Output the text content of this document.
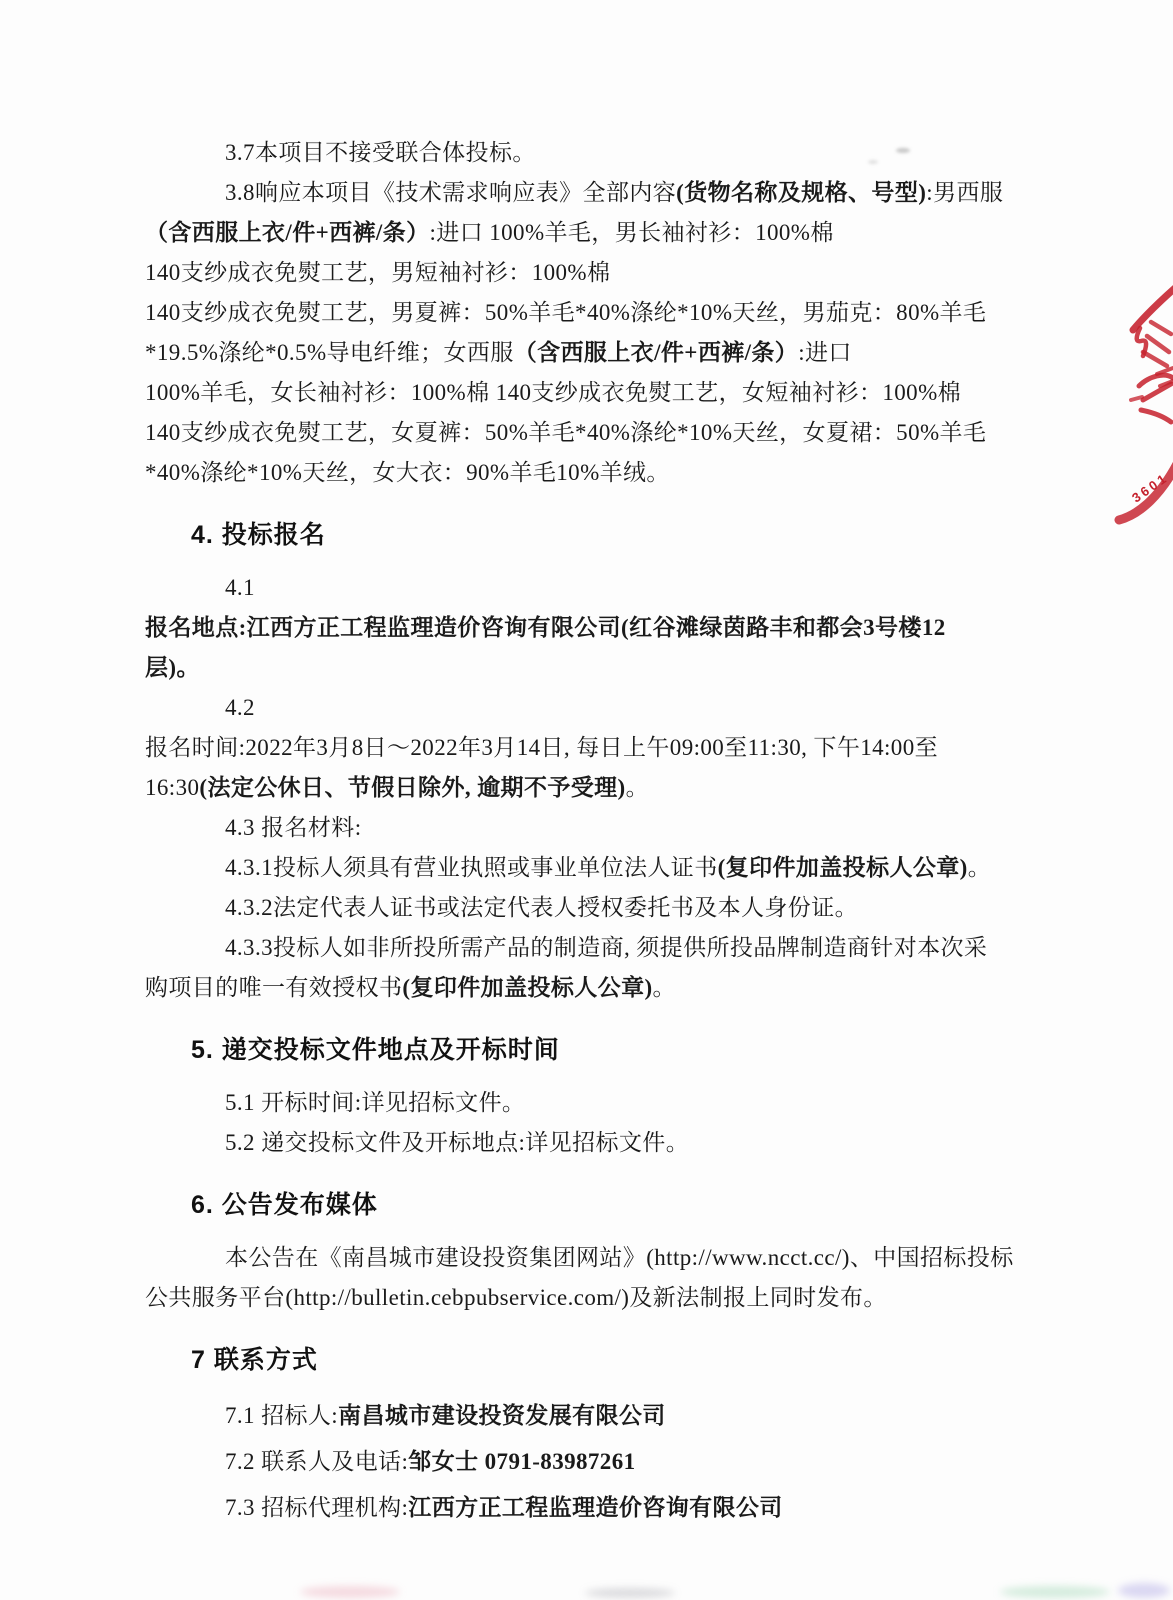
3.7本项目不接受联合体投标。
3.8响应本项目《技术需求响应表》全部内容(货物名称及规格、号型):男西服
（含西服上衣/件+西裤/条）:进口 100%羊毛，男长袖衬衫：100%棉
140支纱成衣免熨工艺，男短袖衬衫：100%棉
140支纱成衣免熨工艺，男夏裤：50%羊毛*40%涤纶*10%天丝，男茄克：80%羊毛
*19.5%涤纶*0.5%导电纤维；女西服（含西服上衣/件+西裤/条）:进口
100%羊毛，女长袖衬衫：100%棉 140支纱成衣免熨工艺，女短袖衬衫：100%棉
140支纱成衣免熨工艺，女夏裤：50%羊毛*40%涤纶*10%天丝，女夏裙：50%羊毛
*40%涤纶*10%天丝，女大衣：90%羊毛10%羊绒。
4. 投标报名
4.1
报名地点:江西方正工程监理造价咨询有限公司(红谷滩绿茵路丰和都会3号楼12
层)。
4.2
报名时间:2022年3月8日～2022年3月14日, 每日上午09:00至11:30, 下午14:00至
16:30(法定公休日、节假日除外, 逾期不予受理)。
4.3 报名材料:
4.3.1投标人须具有营业执照或事业单位法人证书(复印件加盖投标人公章)。
4.3.2法定代表人证书或法定代表人授权委托书及本人身份证。
4.3.3投标人如非所投所需产品的制造商, 须提供所投品牌制造商针对本次采
购项目的唯一有效授权书(复印件加盖投标人公章)。
5. 递交投标文件地点及开标时间
5.1 开标时间:详见招标文件。
5.2 递交投标文件及开标地点:详见招标文件。
6. 公告发布媒体
本公告在《南昌城市建设投资集团网站》(http://www.ncct.cc/)、中国招标投标
公共服务平台(http://bulletin.cebpubservice.com/)及新法制报上同时发布。
7 联系方式
7.1 招标人:南昌城市建设投资发展有限公司
7.2 联系人及电话:邹女士 0791-83987261
7.3 招标代理机构:江西方正工程监理造价咨询有限公司
3601
